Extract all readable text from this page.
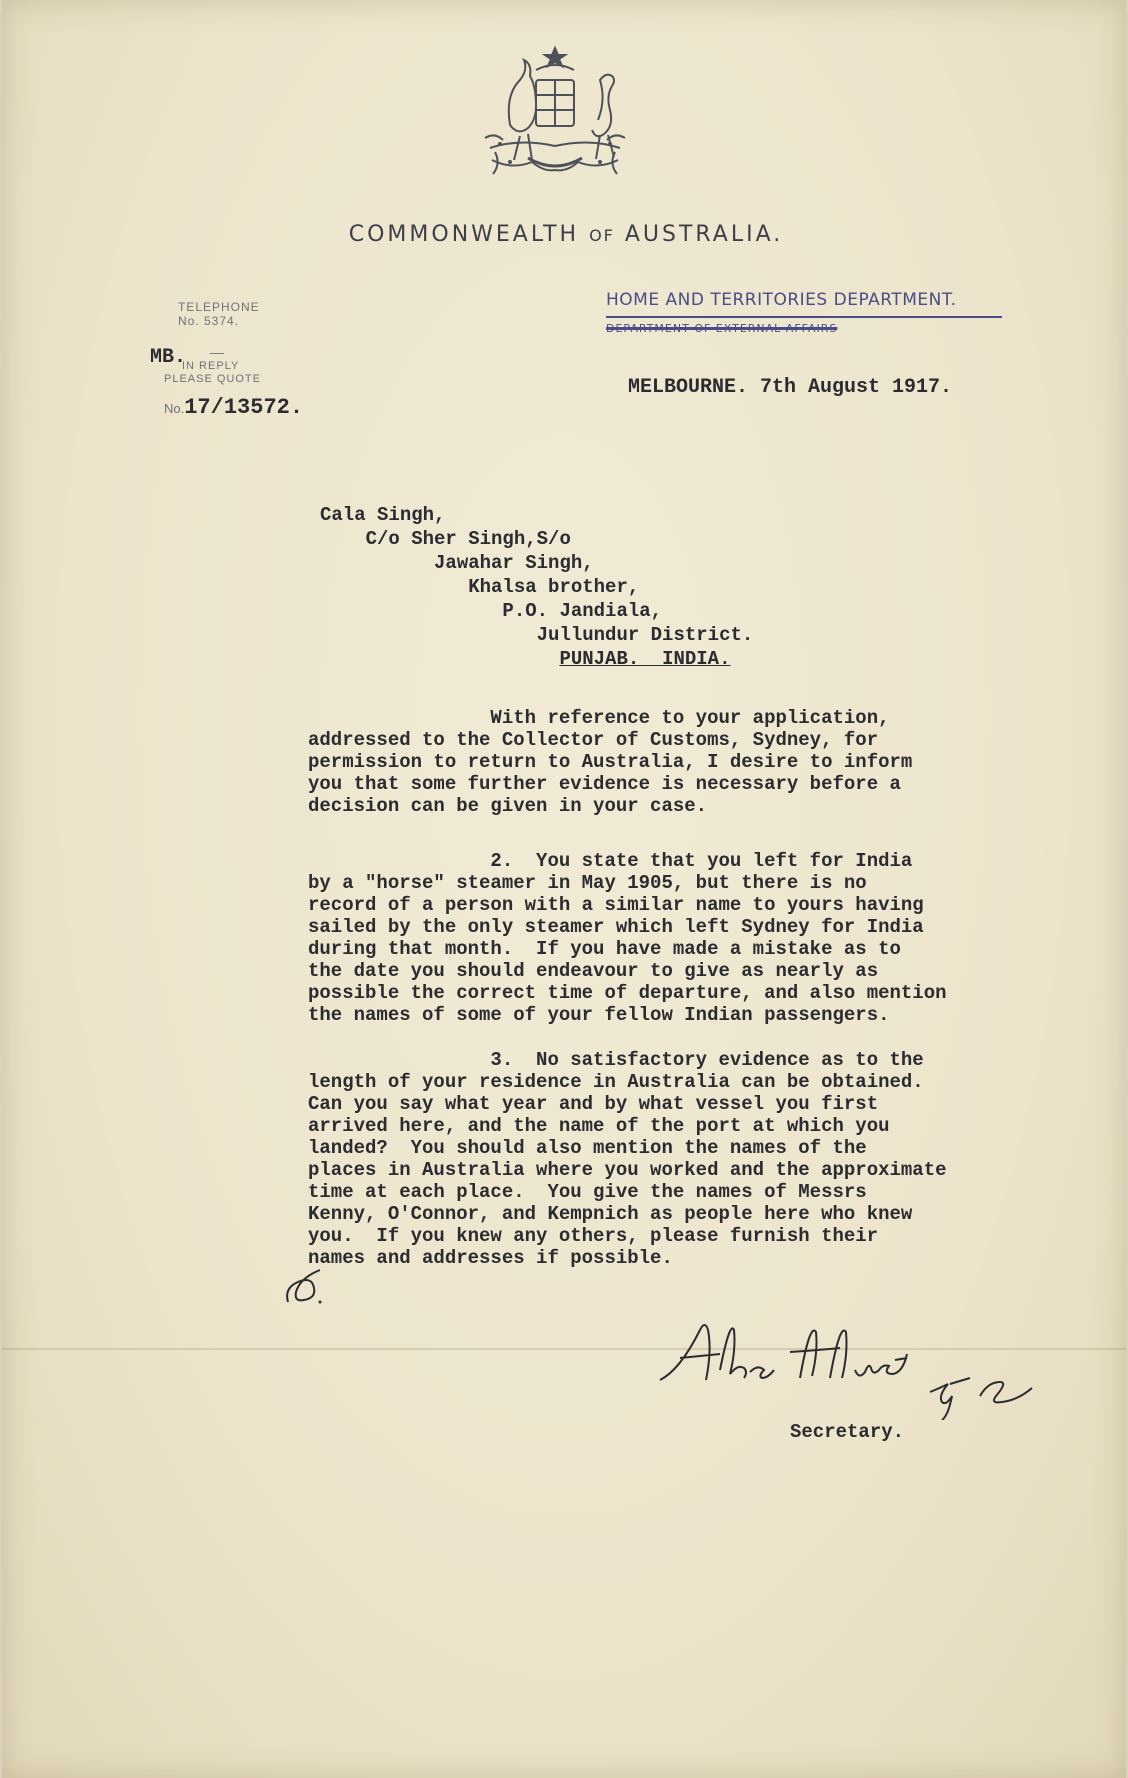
COMMONWEALTH OF AUSTRALIA.
TELEPHONE
No. 5374.
MB. —
IN REPLY
PLEASE QUOTE
No.17/13572.
HOME AND TERRITORIES DEPARTMENT.
DEPARTMENT OF EXTERNAL AFFAIRS
MELBOURNE. 7th August 1917.
Cala Singh,
C/o Sher Singh,S/o
Jawahar Singh,
Khalsa brother,
P.O. Jandiala,
Jullundur District.
PUNJAB.  INDIA.
With reference to your application,
addressed to the Collector of Customs, Sydney, for
permission to return to Australia, I desire to inform
you that some further evidence is necessary before a
decision can be given in your case.
2.  You state that you left for India
by a "horse" steamer in May 1905, but there is no
record of a person with a similar name to yours having
sailed by the only steamer which left Sydney for India
during that month.  If you have made a mistake as to
the date you should endeavour to give as nearly as
possible the correct time of departure, and also mention
the names of some of your fellow Indian passengers.
3.  No satisfactory evidence as to the
length of your residence in Australia can be obtained.
Can you say what year and by what vessel you first
arrived here, and the name of the port at which you
landed?  You should also mention the names of the
places in Australia where you worked and the approximate
time at each place.  You give the names of Messrs
Kenny, O'Connor, and Kempnich as people here who knew
you.  If you knew any others, please furnish their
names and addresses if possible.
Secretary.
